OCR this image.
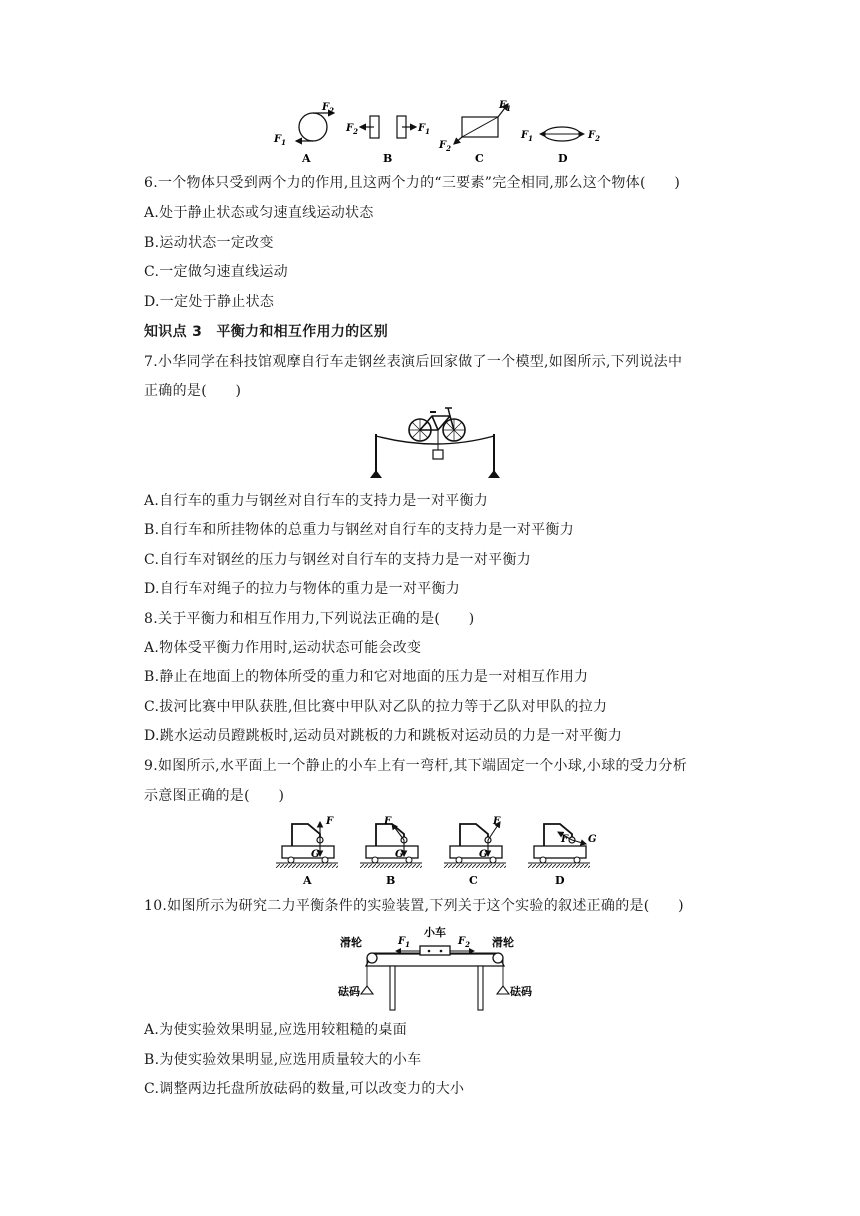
$F_2$
$F_1$
A
$F_2$	$F_1$
B
$F_1$
$F_2$
C
$F_1$	$F_2$
D
6.一个物体只受到两个力的作用,且这两个力的“三要素”完全相同,那么这个物体(　　)
A.处于静止状态或匀速直线运动状态
B.运动状态一定改变
C.一定做匀速直线运动
D.一定处于静止状态
知识点 3　平衡力和相互作用力的区别
7.小华同学在科技馆观摩自行车走钢丝表演后回家做了一个模型,如图所示,下列说法中
正确的是(　　)
A.自行车的重力与钢丝对自行车的支持力是一对平衡力
B.自行车和所挂物体的总重力与钢丝对自行车的支持力是一对平衡力
C.自行车对钢丝的压力与钢丝对自行车的支持力是一对平衡力
D.自行车对绳子的拉力与物体的重力是一对平衡力
8.关于平衡力和相互作用力,下列说法正确的是(　　)
A.物体受平衡力作用时,运动状态可能会改变
B.静止在地面上的物体所受的重力和它对地面的压力是一对相互作用力
C.拔河比赛中甲队获胜,但比赛中甲队对乙队的拉力等于乙队对甲队的拉力
D.跳水运动员蹬跳板时,运动员对跳板的力和跳板对运动员的力是一对平衡力
9.如图所示,水平面上一个静止的小车上有一弯杆,其下端固定一个小球,小球的受力分析
示意图正确的是(　　)
F
G
A
F
G
B
F
G
C
F G
D
10.如图所示为研究二力平衡条件的实验装置,下列关于这个实验的叙述正确的是(　　)
小车
滑轮	滑轮
砝码	砝码
$F_1$	$F_2$
A.为使实验效果明显,应选用较粗糙的桌面
B.为使实验效果明显,应选用质量较大的小车
C.调整两边托盘所放砝码的数量,可以改变力的大小
